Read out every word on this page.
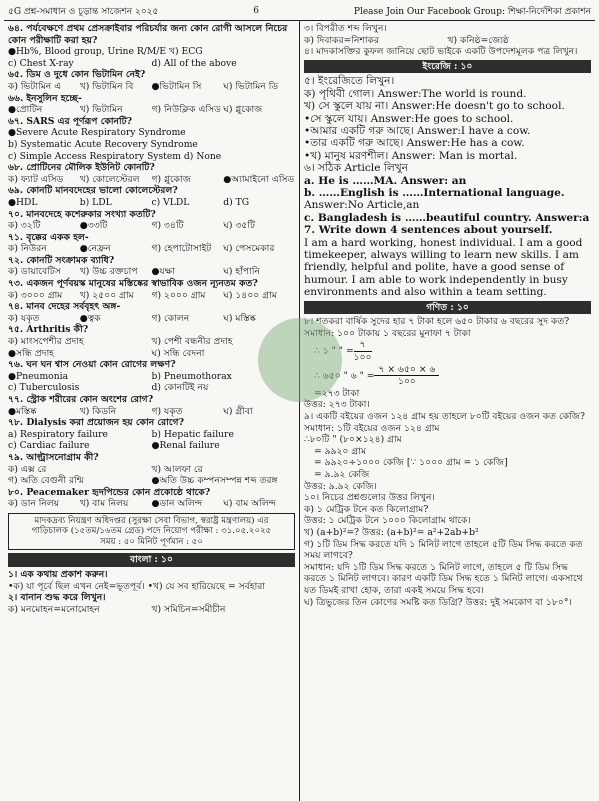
৫G প্রশ্ন-সমাধান ও চূড়ান্ত সাজেশন ২০২৫	6	Please Join Our Facebook Group: শিক্ষা-নির্দেশিকা প্রকাশন
৬৪. পর্যবেক্ষণে প্রথম প্রেসক্রাইবার পরিচর্যার জন্য কোন রোগী আসলে নিচের কোন পরীক্ষাটি করা হয়?
●Hb%, Blood group, Urine R/M/E খ) ECG
c) Chest X-ray	d) All of the above
৬৫. ডিম ও দুধে কোন ভিটামিন নেই?
ক) ভিটামিন এ	খ) ভিটামিন বি	●ভিটামিন সি	ঘ) ভিটামিন ডি
৬৬. ইনসুলিন হচ্ছে-
●প্রোটিন	খ) ভিটামিন	গ) নিউক্লিক এসিড ঘ) গ্লুকোজ
৬৭. SARS এর পূর্ণরূপ কোনটি?
●Severe Acute Respiratory Syndrome
b) Systematic Acute Recovery Syndrome
c) Simple Access Respiratory System d) None
৬৮. প্রোটিনের মৌলিক ইউনিট কোনটি?
ক) ফ্যাট এসিড	খ) কোলেস্টেরল	গ) গ্লুকোজ	●অ্যামাইনো এসিড
৬৯. কোনটি মানবদেহের ভালো কোলেস্টেরল?
●HDL	b) LDL	c) VLDL	d) TG
৭০. মানবদেহে কশেরুকার সংখ্যা কতটি?
ক) ৩২টি	●৩৩টি	গ) ৩৪টি	ঘ) ৩৫টি
৭১. বৃক্কের একক হল-
ক) নিউরন	●নেফ্রন	গ) হেপাটোসাইট	ঘ) পেসমেকার
৭২. কোনটি সংক্রামক ব্যাধি?
ক) ডায়াবেটিস	খ) উচ্চ রক্তচাপ	●যক্ষা	ঘ) হাঁপানি
৭৩. একজন পূর্ণবয়স্ক মানুষের মস্তিষ্কের স্বাভাবিক ওজন ন্যূনতম কত?
ক) ৩০০০ গ্রাম	খ) ২৫০০ গ্রাম	গ) ২০০০ গ্রাম	ঘ) ১৪০০ গ্রাম
৭৪. মানব দেহের সর্ববৃহৎ অঙ্গ-
ক) যকৃত	●ত্বক	গ) কোলন	ঘ) মস্তিষ্ক
৭৫. Arthritis কী?
ক) মাংসপেশীর প্রদাহ	খ) পেশী বন্ধনীর প্রদাহ
●সন্ধি প্রদাহ	ঘ) সন্ধি বেদনা
৭৬. ঘন ঘন শ্বাস নেওয়া কোন রোগের লক্ষণ?
●Pneumonia	b) Pneumothorax
c) Tuberculosis	d) কোনটিই নয়
৭৭. স্ট্রোক শরীরের কোন অংশের রোগ?
●মস্তিষ্ক	খ) কিডনি	গ) যকৃত	ঘ) গ্রীবা
৭৮. Dialysis করা প্রয়োজন হয় কোন রোগে?
a) Respiratory failure	b) Hepatic failure
c) Cardiac failure	●Renal failure
৭৯. আল্ট্রাসনোগ্রাম কী?
ক) এক্স রে	খ) আলফা রে
গ) অতি বেগুনী রশ্মি	●অতি উচ্চ কম্পনসম্পন্ন শব্দ তরঙ্গ
৮০. Peacemaker হৃদপিন্ডের কোন প্রকোষ্ঠে থাকে?
ক) ডান নিলয়	খ) বাম নিলয়	●ডান অলিন্দ	ঘ) বাম অলিন্দ
মাদকদ্রব্য নিয়ন্ত্রণ অধিদপ্তর (সুরক্ষা সেবা বিভাগ, স্বরাষ্ট্র মন্ত্রণালয়) এর
গাড়িচালক (১৫তম/১৬তম গ্রেড) পদে নিয়োগ পরীক্ষা : ৩১.০৫.২০২৫
সময় : ৫০ মিনিট পূর্ণমান : ৫০
বাংলা : ১০
১। এক কথায় প্রকাশ করুন।
•ক) যা পূর্বে ছিল এখন নেই=ভূতপূর্ব। •খ) যে সব হারিয়েছে = সর্বহারা
২। বানান শুদ্ধ করে লিখুন।
ক) মনমোহন=মনোমোহন	খ) সমিচিন=সমীচীন
৩। বিপরীত শব্দ লিখুন।
ক) দিবাকর=নিশাকর	খ) কনিষ্ঠ=জ্যেষ্ঠ
৪। মাদকাসক্তির কুফল জানিয়ে ছোট ভাইকে একটি উপদেশমূলক পত্র লিখুন।
ইংরেজি : ১০
৫। ইংরেজিতে লিখুন।
ক) পৃথিবী গোল। Answer:The world is round.
খ) সে স্কুলে যায় না। Answer:He doesn't go to school.
•সে স্কুলে যায়। Answer:He goes to school.
•আমার একটি গরু আছে। Answer:I have a cow.
•তার একটি গরু আছে। Answer:He has a cow.
•খ) মানুষ মরণশীল। Answer: Man is mortal.
৬। সঠিক Article লিখুন
a. He is ……MA. Answer: an
b. ……English is ……International language.
Answer:No Article,an
c. Bangladesh is ……beautiful country. Answer:a
7. Write down 4 sentences about yourself.
I am a hard working, honest individual. I am a good timekeeper, always willing to learn new skills. I am friendly, helpful and polite, have a good sense of humour. I am able to work independently in busy environments and also within a team setting.
গণিত : ১০
৮। শতকরা বার্ষিক সুদের হার ৭ টাকা হলে ৬৫০ টাকার ৬ বছরের সুদ কত?
সমাধান: ১০০ টাকায় ১ বছরের মুনাফা ৭ টাকা
∴ ১ " " = $\frac{৭}{১০০}$
∴ ৬৫০ " ৬ " = $\frac{৭ \times ৬৫০ \times ৬}{১০০}$
=২৭৩ টাকা
উত্তর: ২৭৩ টাকা।
৯। একটি বইয়ের ওজন ১২৪ গ্রাম হয় তাহলে ৮০টি বইয়ের ওজন কত কেজি?
সমাধান: ১টি বইয়ের ওজন ১২৪ গ্রাম
∴৮০টি " (৮০×১২৪) গ্রাম
= ৯৯২০ গ্রাম
= ৯৯২০÷১০০০ কেজি [∵ ১০০০ গ্রাম = ১ কেজি]
= ৯.৯২ কেজি
উত্তর: ৯.৯২ কেজি।
১০। নিচের প্রশ্নগুলোর উত্তর লিখুন।
ক) ১ মেট্রিক টনে কত কিলোগ্রাম?
উত্তর: ১ মেট্রিক টনে ১০০০ কিলোগ্রাম থাকে।
খ) (a+b)²=? উত্তর: (a+b)²= a²+2ab+b²
গ) ১টি ডিম সিদ্ধ করতে যদি ১ মিনিট লাগে তাহলে ৫টি ডিম সিদ্ধ করতে কত সময় লাগবে?
সমাধান: যদি ১টি ডিম সিদ্ধ করতে ১ মিনিট লাগে, তাহলে ৫ টি ডিম সিদ্ধ করতে ১ মিনিট লাগবে। কারণ একটি ডিম সিদ্ধ হতে ১ মিনিট লাগে। একসাথে যত ডিমই রাখা হোক, তারা একই সময়ে সিদ্ধ হবে।
ঘ) ত্রিভুজের তিন কোণের সমষ্টি কত ডিগ্রি? উত্তর: দুই সমকোণ বা ১৮০°।
